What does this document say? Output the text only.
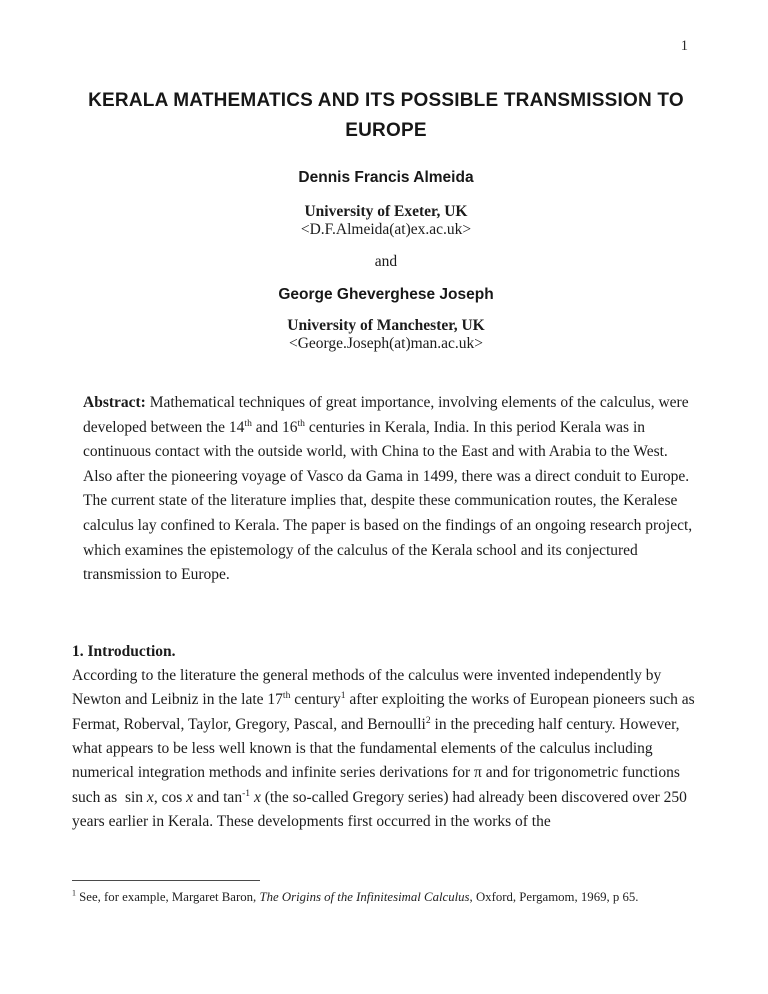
1
KERALA MATHEMATICS AND ITS POSSIBLE TRANSMISSION TO
EUROPE
Dennis Francis Almeida
University of Exeter, UK
<D.F.Almeida(at)ex.ac.uk>
and
George Gheverghese Joseph
University of Manchester, UK
<George.Joseph(at)man.ac.uk>

Abstract: Mathematical techniques of great importance, involving elements of the calculus, were developed between the 14th and 16th centuries in Kerala, India. In this period Kerala was in continuous contact with the outside world, with China to the East and with Arabia to the West. Also after the pioneering voyage of Vasco da Gama in 1499, there was a direct conduit to Europe. The current state of the literature implies that, despite these communication routes, the Keralese calculus lay confined to Kerala. The paper is based on the findings of an ongoing research project, which examines the epistemology of the calculus of the Kerala school and its conjectured transmission to Europe.

1. Introduction.

According to the literature the general methods of the calculus were invented independently by Newton and Leibniz in the late 17th century$^1$ after exploiting the works of European pioneers such as Fermat, Roberval, Taylor, Gregory, Pascal, and Bernoulli$^2$ in the preceding half century. However, what appears to be less well known is that the fundamental elements of the calculus including numerical integration methods and infinite series derivations for π and for trigonometric functions such as  sin x, cos x and $\tan^{-1} x$ (the so-called Gregory series) had already been discovered over 250 years earlier in Kerala. These developments first occurred in the works of the

$^1$ See, for example, Margaret Baron, The Origins of the Infinitesimal Calculus, Oxford, Pergamom, 1969, p 65.
